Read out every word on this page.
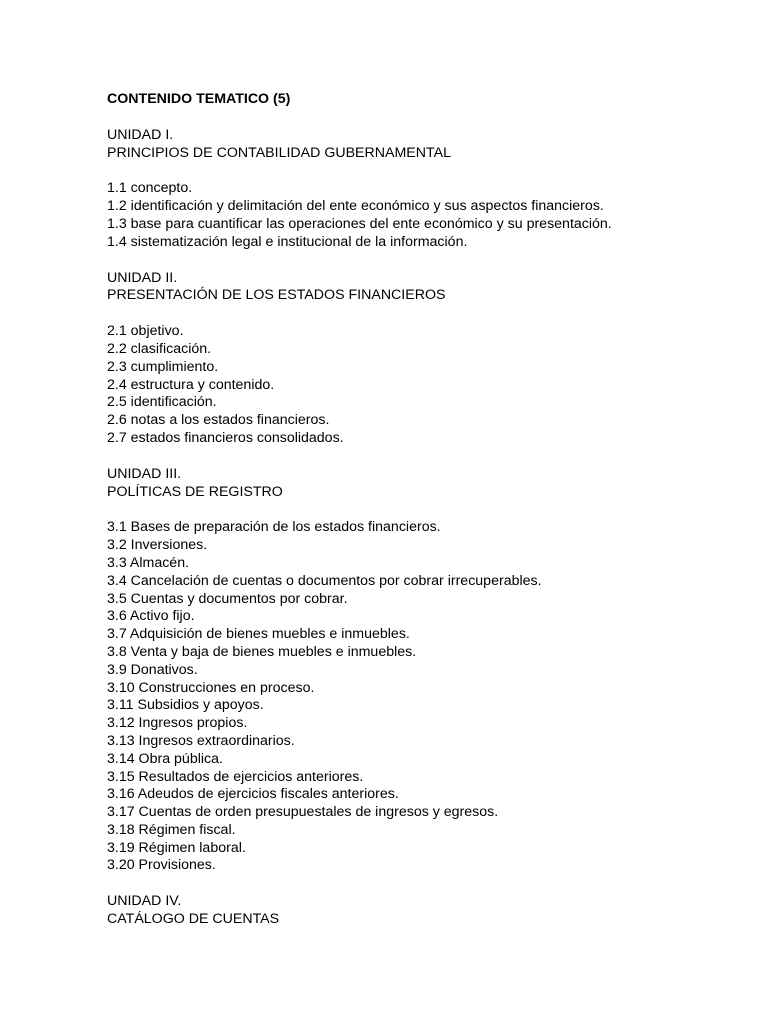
CONTENIDO TEMATICO (5)
UNIDAD I.
PRINCIPIOS DE CONTABILIDAD GUBERNAMENTAL
1.1 concepto.
1.2 identificación y delimitación del ente económico y sus aspectos financieros.
1.3 base para cuantificar las operaciones del ente económico y su presentación.
1.4 sistematización legal e institucional de la información.
UNIDAD II.
PRESENTACIÓN DE LOS ESTADOS FINANCIEROS
2.1 objetivo.
2.2 clasificación.
2.3 cumplimiento.
2.4 estructura y contenido.
2.5 identificación.
2.6 notas a los estados financieros.
2.7 estados financieros consolidados.
UNIDAD III.
POLÍTICAS DE REGISTRO
3.1 Bases de preparación de los estados financieros.
3.2 Inversiones.
3.3 Almacén.
3.4 Cancelación de cuentas o documentos por cobrar irrecuperables.
3.5 Cuentas y documentos por cobrar.
3.6 Activo fijo.
3.7 Adquisición de bienes muebles e inmuebles.
3.8 Venta y baja de bienes muebles e inmuebles.
3.9 Donativos.
3.10 Construcciones en proceso.
3.11 Subsidios y apoyos.
3.12 Ingresos propios.
3.13 Ingresos extraordinarios.
3.14 Obra pública.
3.15 Resultados de ejercicios anteriores.
3.16 Adeudos de ejercicios fiscales anteriores.
3.17 Cuentas de orden presupuestales de ingresos y egresos.
3.18 Régimen fiscal.
3.19 Régimen laboral.
3.20 Provisiones.
UNIDAD IV.
CATÁLOGO DE CUENTAS
